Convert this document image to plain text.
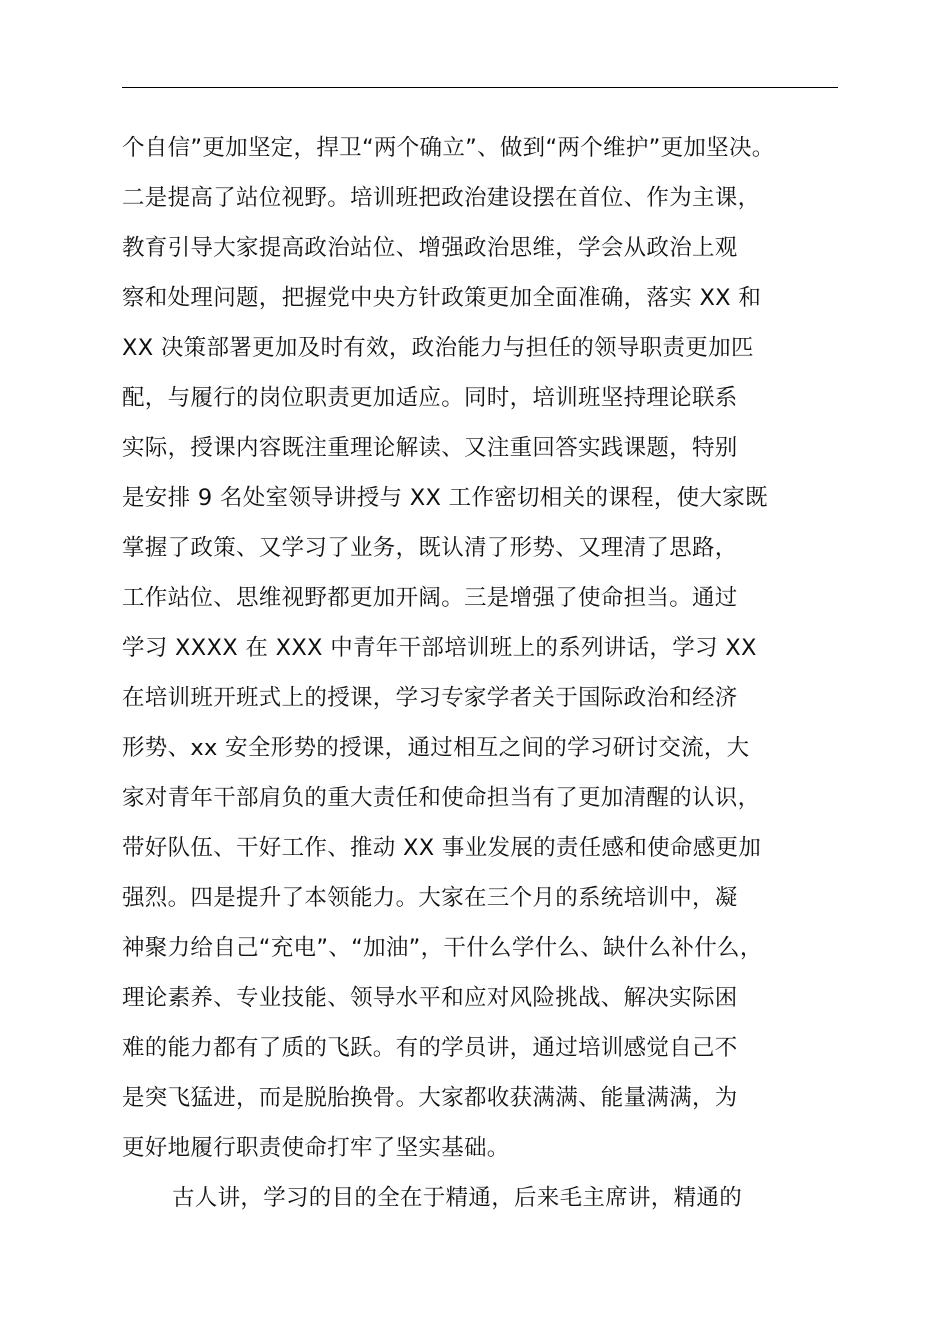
个自信”更加坚定，捍卫“两个确立”、做到“两个维护”更加坚决。
二是提高了站位视野。培训班把政治建设摆在首位、作为主课，
教育引导大家提高政治站位、增强政治思维，学会从政治上观
察和处理问题，把握党中央方针政策更加全面准确，落实 XX 和
XX 决策部署更加及时有效，政治能力与担任的领导职责更加匹
配，与履行的岗位职责更加适应。同时，培训班坚持理论联系
实际，授课内容既注重理论解读、又注重回答实践课题，特别
是安排 9 名处室领导讲授与 XX 工作密切相关的课程，使大家既
掌握了政策、又学习了业务，既认清了形势、又理清了思路，
工作站位、思维视野都更加开阔。三是增强了使命担当。通过
学习 XXXX 在 XXX 中青年干部培训班上的系列讲话，学习 XX
在培训班开班式上的授课，学习专家学者关于国际政治和经济
形势、xx 安全形势的授课，通过相互之间的学习研讨交流，大
家对青年干部肩负的重大责任和使命担当有了更加清醒的认识，
带好队伍、干好工作、推动 XX 事业发展的责任感和使命感更加
强烈。四是提升了本领能力。大家在三个月的系统培训中，凝
神聚力给自己“充电”、“加油”，干什么学什么、缺什么补什么，
理论素养、专业技能、领导水平和应对风险挑战、解决实际困
难的能力都有了质的飞跃。有的学员讲，通过培训感觉自己不
是突飞猛进，而是脱胎换骨。大家都收获满满、能量满满，为
更好地履行职责使命打牢了坚实基础。
古人讲，学习的目的全在于精通，后来毛主席讲，精通的
